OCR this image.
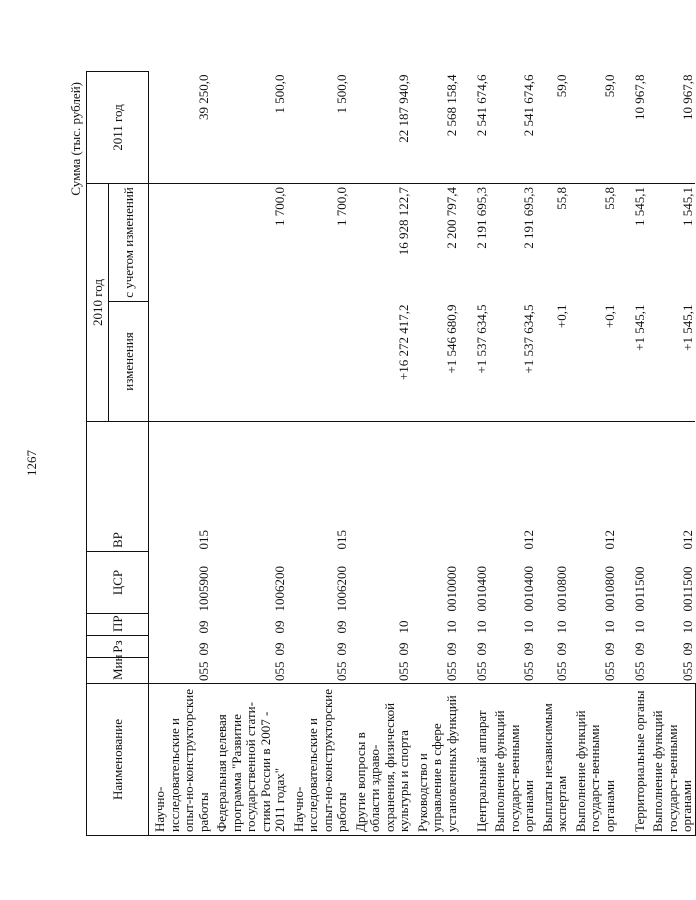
1267
Сумма (тыс. рублей)
Наименование	Мин	Рз	ПР	ЦСР	ВР	2010 год		2011 год
						изменения	с учетом изменений	
Научно-исследовательские и опыт-но-конструкторские работы	055	09	09	1005900	015			39 250,0
Федеральная целевая программа "Развитие государственной стати-стики России в 2007 - 2011 годах"	055	09	09	1006200			1 700,0	1 500,0
Научно-исследовательские и опыт-но-конструкторские работы	055	09	09	1006200	015		1 700,0	1 500,0
Другие вопросы в области здраво-охранения, физической культуры и спорта	055	09	10			+16 272 417,2	16 928 122,7	22 187 940,9
Руководство и управление в сфере установленных функций	055	09	10	0010000		+1 546 680,9	2 200 797,4	2 568 158,4
Центральный аппарат	055	09	10	0010400		+1 537 634,5	2 191 695,3	2 541 674,6
Выполнение функций государст-венными органами	055	09	10	0010400	012	+1 537 634,5	2 191 695,3	2 541 674,6
Выплаты независимым экспертам	055	09	10	0010800		+0,1	55,8	59,0
Выполнение функций государст-венными органами	055	09	10	0010800	012	+0,1	55,8	59,0
Территориальные органы	055	09	10	0011500		+1 545,1	1 545,1	10 967,8
Выполнение функций государст-венными органами	055	09	10	0011500	012	+1 545,1	1 545,1	10 967,8
